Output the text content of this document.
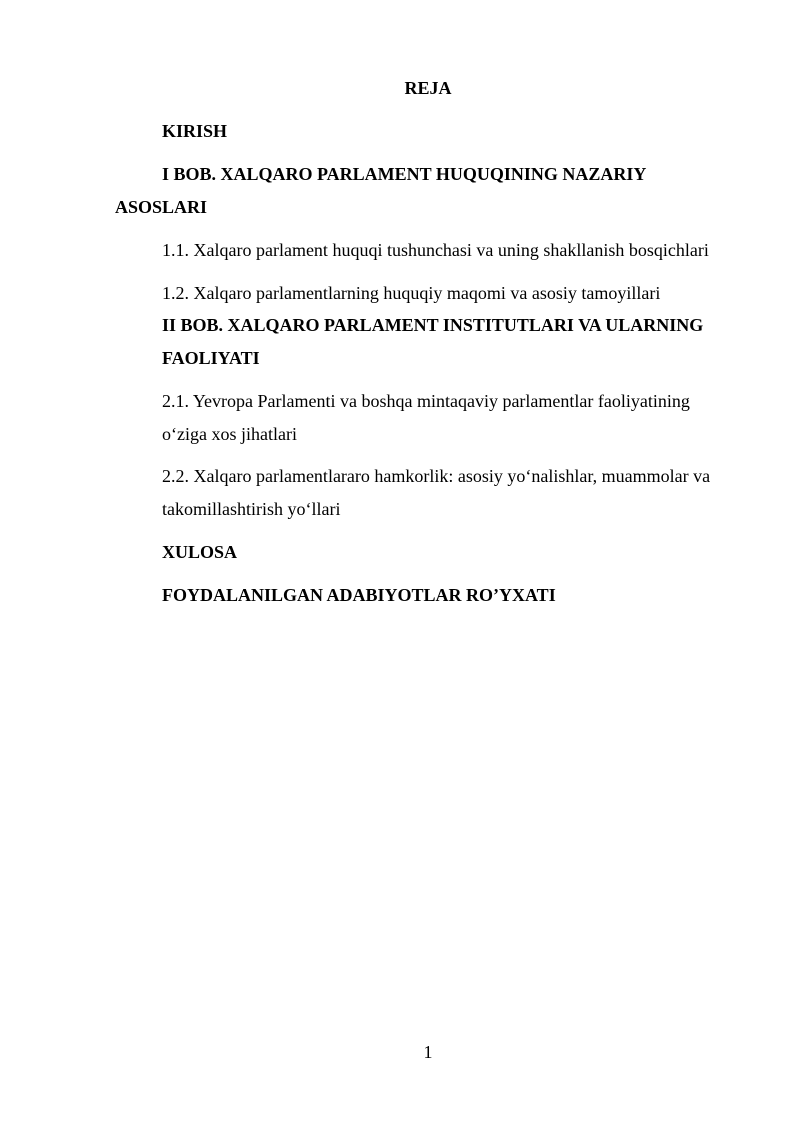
REJA
KIRISH
I BOB. XALQARO PARLAMENT HUQUQINING NAZARIY
ASOSLARI
1.1. Xalqaro parlament huquqi tushunchasi va uning shakllanish bosqichlari
1.2. Xalqaro parlamentlarning huquqiy maqomi va asosiy tamoyillari
II BOB. XALQARO PARLAMENT INSTITUTLARI VA ULARNING
FAOLIYATI
2.1. Yevropa Parlamenti va boshqa mintaqaviy parlamentlar faoliyatining
o‘ziga xos jihatlari
2.2. Xalqaro parlamentlararo hamkorlik: asosiy yo‘nalishlar, muammolar va
takomillashtirish yo‘llari
XULOSA
FOYDALANILGAN ADABIYOTLAR RO’YXATI
1
